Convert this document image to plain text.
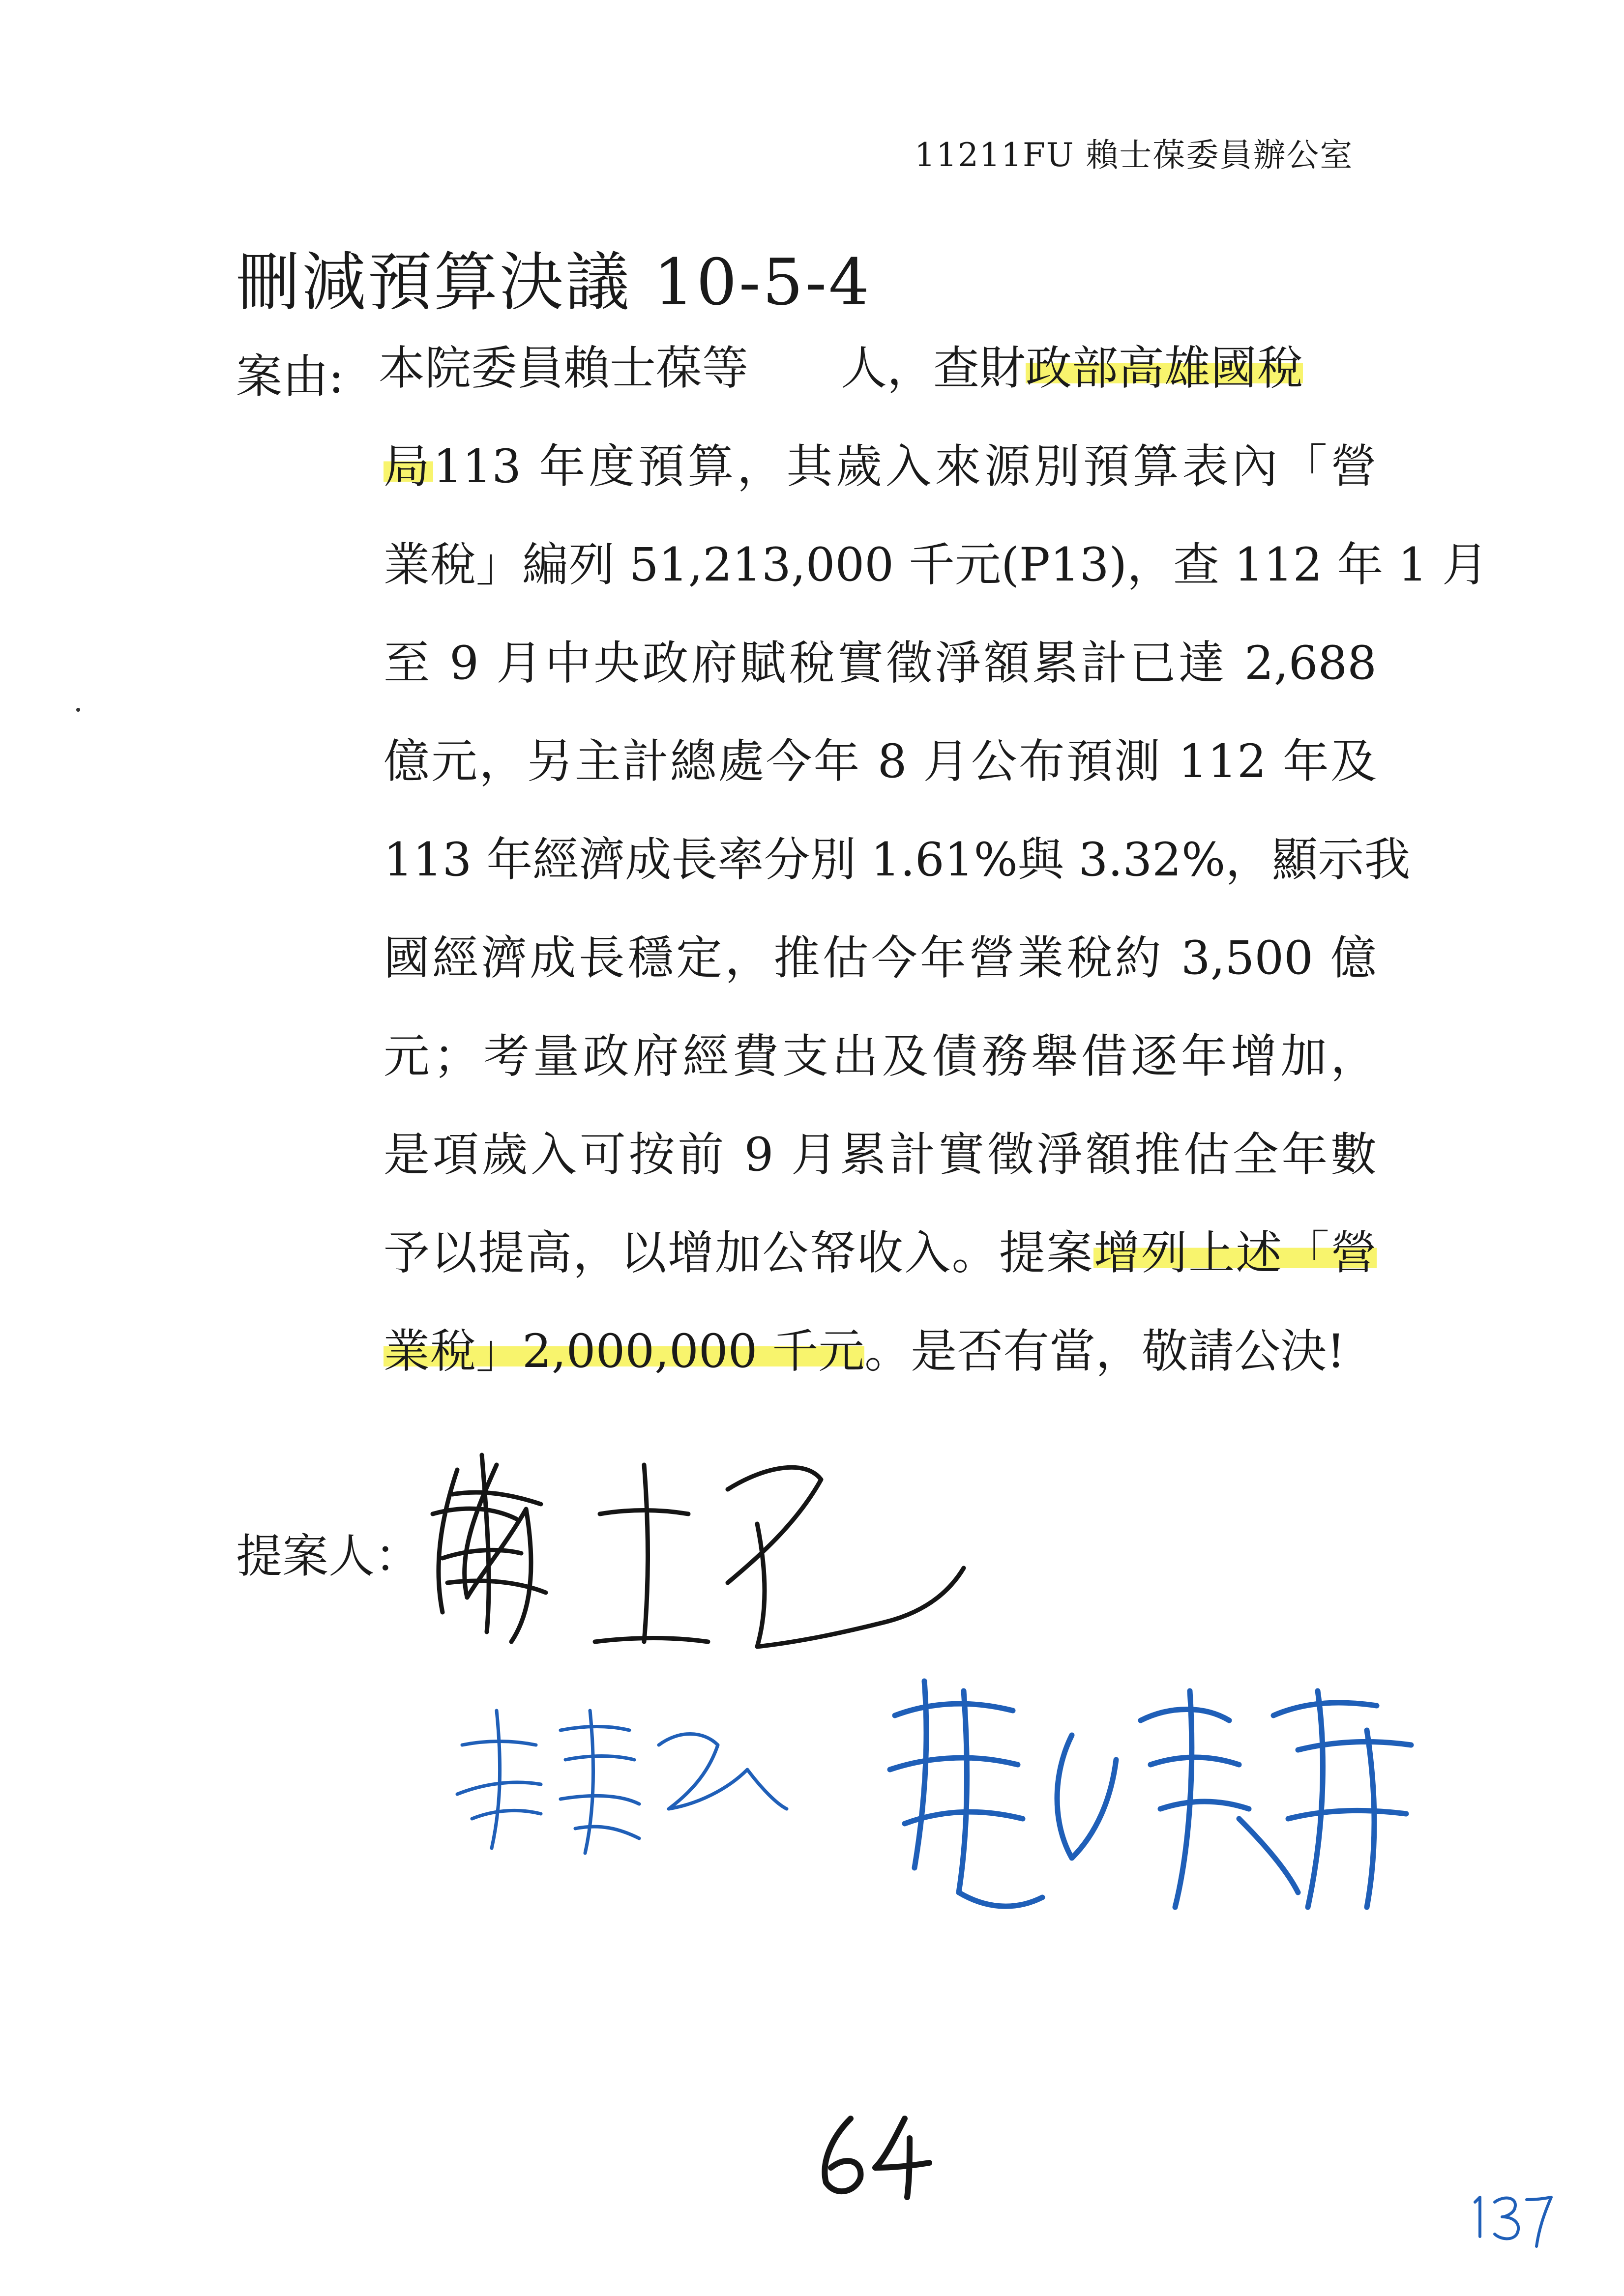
11211FU 賴士葆委員辦公室
刪減預算決議 10-5-4
案由: 本院委員賴士葆等　　人，查財政部高雄國稅
局113 年度預算，其歲入來源別預算表內「營
業稅」編列 51,213,000 千元(P13)，查 112 年 1 月
至 9 月中央政府賦稅實徵淨額累計已達 2,688
億元，另主計總處今年 8 月公布預測 112 年及
113 年經濟成長率分別 1.61%與 3.32%，顯示我
國經濟成長穩定，推估今年營業稅約 3,500 億
元；考量政府經費支出及債務舉借逐年增加，
是項歲入可按前 9 月累計實徵淨額推估全年數
予以提高，以增加公帑收入。提案增列上述「營
業稅」2,000,000 千元。是否有當，敬請公決!
提案人：
